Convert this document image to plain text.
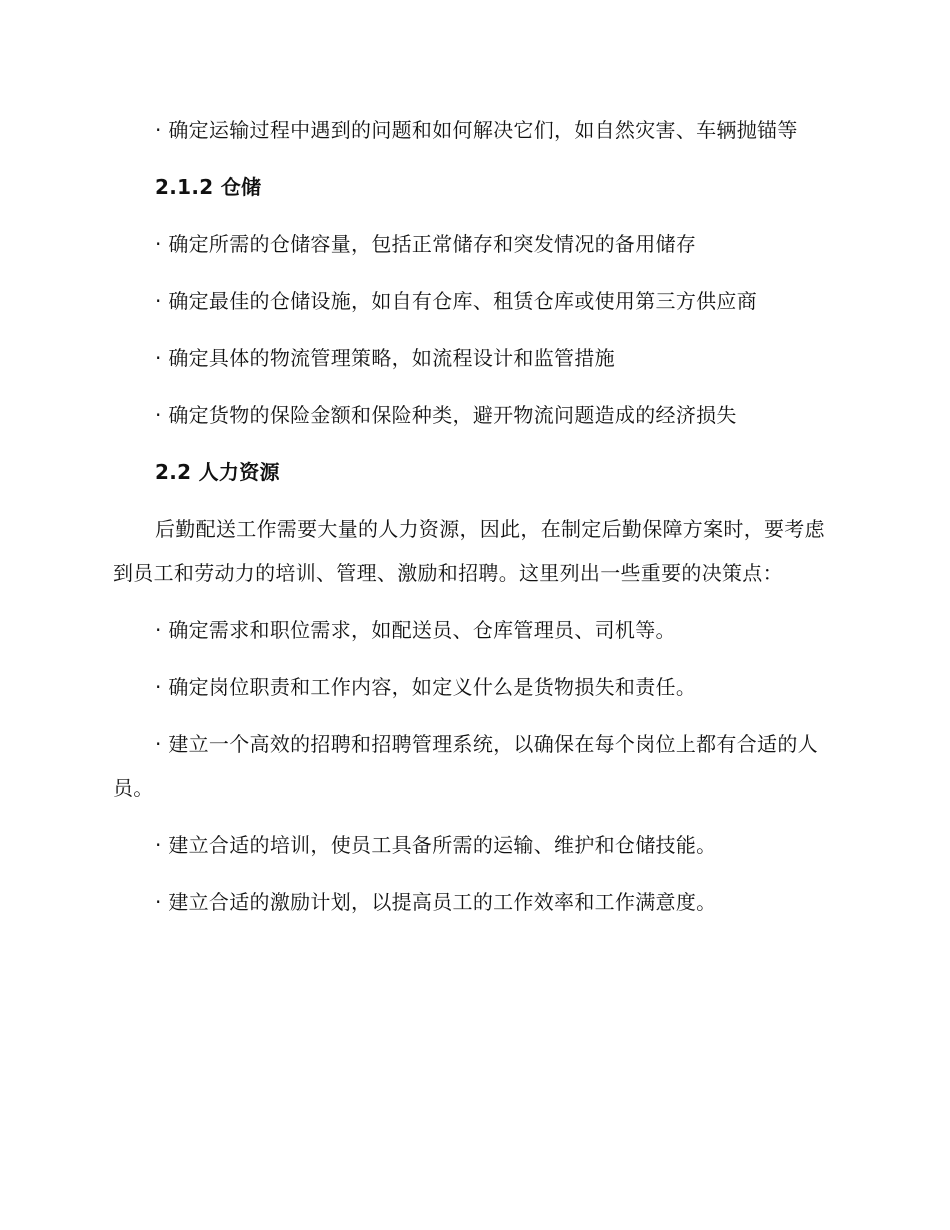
· 确定运输过程中遇到的问题和如何解决它们，如自然灾害、车辆抛锚等

2.1.2 仓储

· 确定所需的仓储容量，包括正常储存和突发情况的备用储存

· 确定最佳的仓储设施，如自有仓库、租赁仓库或使用第三方供应商

· 确定具体的物流管理策略，如流程设计和监管措施

· 确定货物的保险金额和保险种类，避开物流问题造成的经济损失

2.2 人力资源

后勤配送工作需要大量的人力资源，因此，在制定后勤保障方案时，要考虑到员工和劳动力的培训、管理、激励和招聘。这里列出一些重要的决策点：

· 确定需求和职位需求，如配送员、仓库管理员、司机等。

· 确定岗位职责和工作内容，如定义什么是货物损失和责任。

· 建立一个高效的招聘和招聘管理系统，以确保在每个岗位上都有合适的人员。

· 建立合适的培训，使员工具备所需的运输、维护和仓储技能。

· 建立合适的激励计划，以提高员工的工作效率和工作满意度。
